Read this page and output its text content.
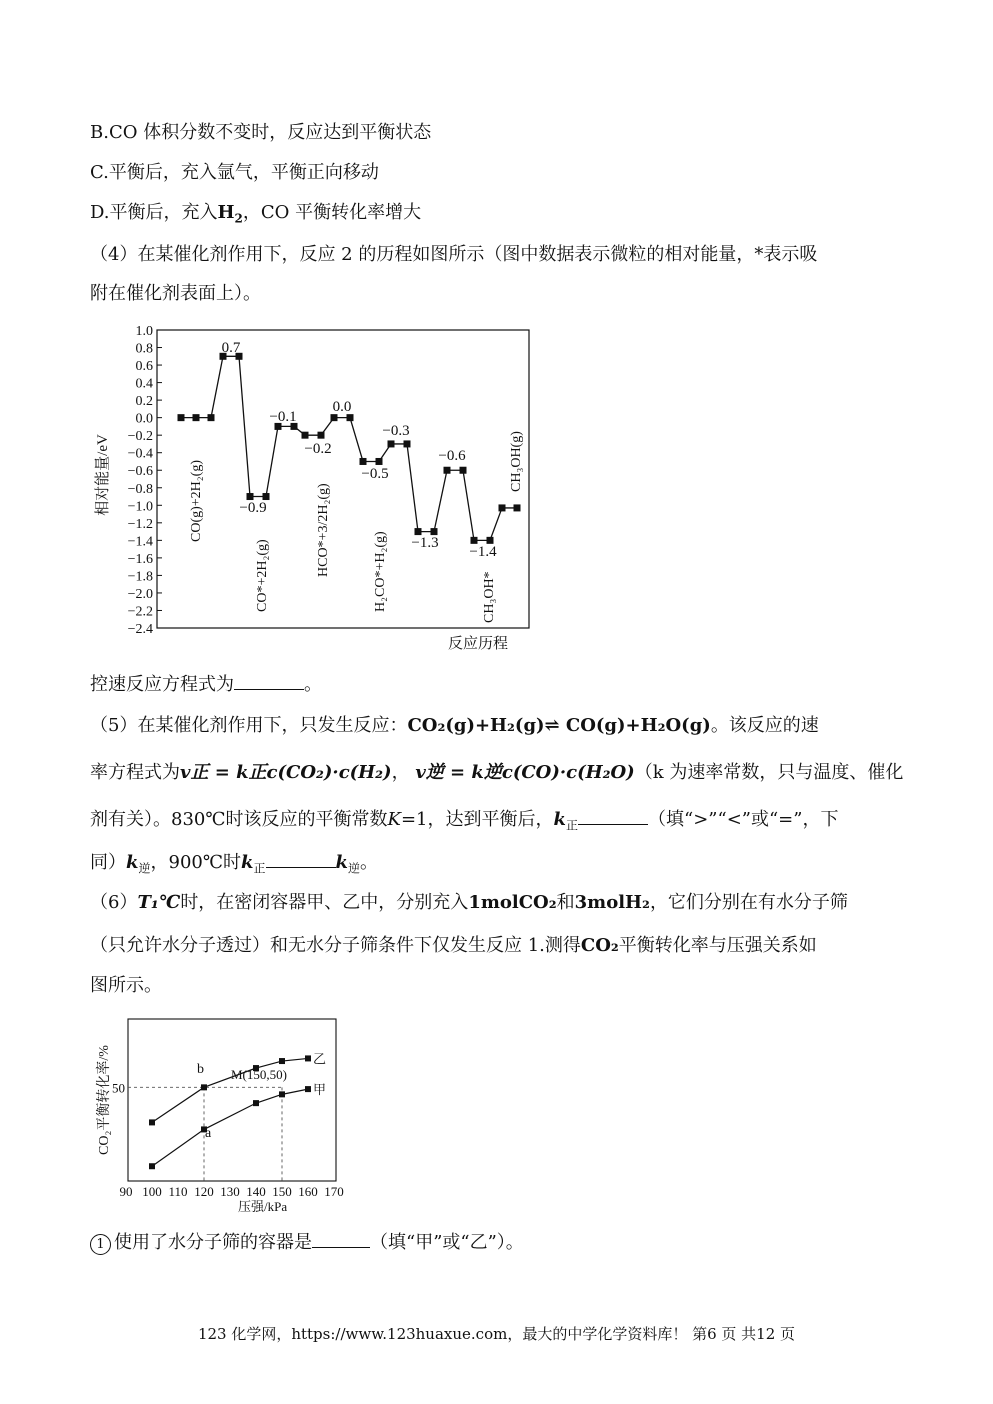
B.CO 体积分数不变时，反应达到平衡状态
C.平衡后，充入氩气，平衡正向移动
D.平衡后，充入$H_2$，CO 平衡转化率增大
（4）在某催化剂作用下，反应 2 的历程如图所示（图中数据表示微粒的相对能量，*表示吸
附在催化剂表面上）。
1.0
0.8
0.6
0.4
0.2
0.0
−0.2
−0.4
−0.6
−0.8
−1.0
−1.2
−1.4
−1.6
−1.8
−2.0
−2.2
−2.4
0.7
−0.9
−0.1
−0.2
0.0
−0.5
−0.3
−1.3
−0.6
−1.4
CO(g)+2H₂(g)
CO*+2H₂(g)	HCO*+3/2H₂(g)	H₂CO*+H₂(g)	CH₃OH*
CH₃OH(g)
相对能量/eV
反应历程
控速反应方程式为	。
（5）在某催化剂作用下，只发生反应：CO₂(g)+H₂(g)⇌ CO(g)+H₂O(g)。该反应的速
率方程式为v正 = k正c(CO₂)·c(H₂)， v逆 = k逆c(CO)·c(H₂O)（k 为速率常数，只与温度、催化
剂有关）。830℃时该反应的平衡常数K=1，达到平衡后，$k_正$	（填“>”“<”或“=”，下
同）$k_逆$，900℃时$k_正$	$k_逆$。
（6）T₁℃时，在密闭容器甲、乙中，分别充入1molCO₂和3molH₂，它们分别在有水分子筛
（只允许水分子透过）和无水分子筛条件下仅发生反应 1.测得CO₂平衡转化率与压强关系如
图所示。
90 100 110 120 130 140 150 160 170
50
乙
甲
CO₂平衡转化率/%
压强/kPa
b
a
M(150,50)
1 使用了水分子筛的容器是	（填“甲”或“乙”）。
123 化学网，https://www.123huaxue.com，最大的中学化学资料库！ 第6 页 共12 页
